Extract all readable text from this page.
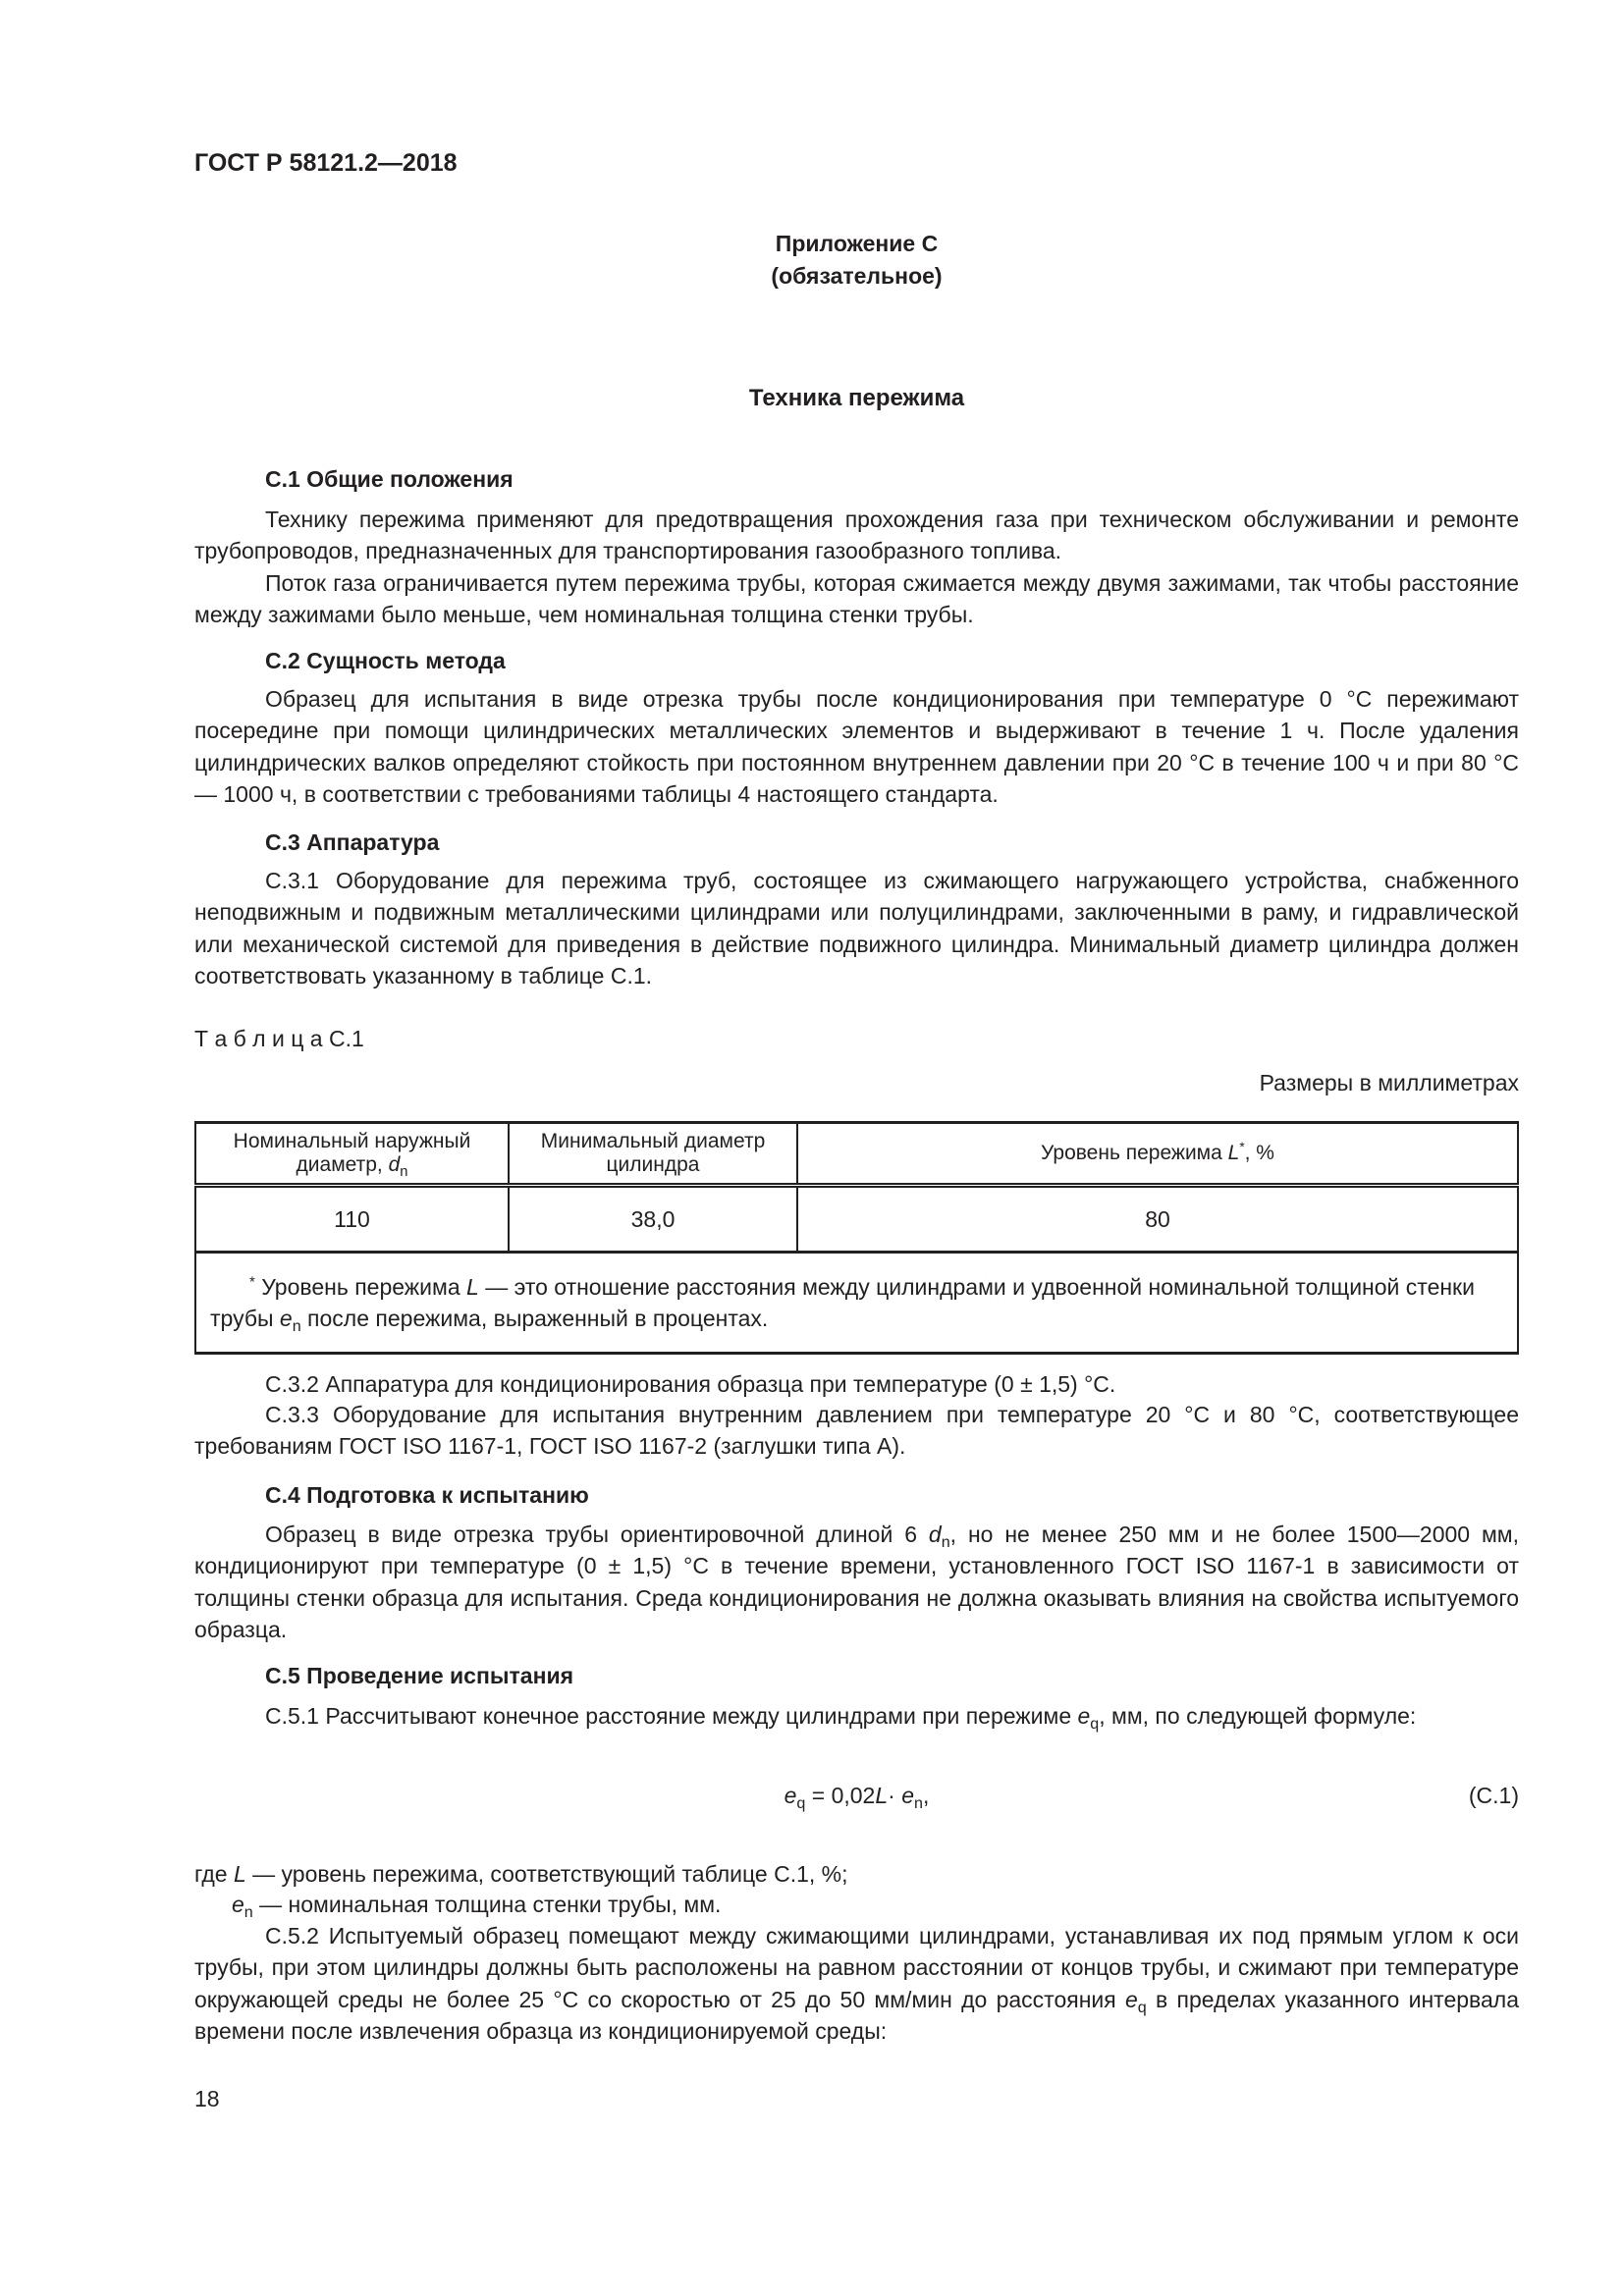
ГОСТ Р 58121.2—2018
Приложение С
(обязательное)
Техника пережима
С.1 Общие положения
Технику пережима применяют для предотвращения прохождения газа при техническом обслуживании и ремонте трубопроводов, предназначенных для транспортирования газообразного топлива.
Поток газа ограничивается путем пережима трубы, которая сжимается между двумя зажимами, так чтобы расстояние между зажимами было меньше, чем номинальная толщина стенки трубы.
С.2 Сущность метода
Образец для испытания в виде отрезка трубы после кондиционирования при температуре 0 °С пережимают посередине при помощи цилиндрических металлических элементов и выдерживают в течение 1 ч. После удаления цилиндрических валков определяют стойкость при постоянном внутреннем давлении при 20 °С в течение 100 ч и при 80 °С — 1000 ч, в соответствии с требованиями таблицы 4 настоящего стандарта.
С.3 Аппаратура
С.3.1 Оборудование для пережима труб, состоящее из сжимающего нагружающего устройства, снабженного неподвижным и подвижным металлическими цилиндрами или полуцилиндрами, заключенными в раму, и гидравлической или механической системой для приведения в действие подвижного цилиндра. Минимальный диаметр цилиндра должен соответствовать указанному в таблице С.1.
Т а б л и ц а С.1
Размеры в миллиметрах
Номинальный наружный диаметр, $d_n$	Минимальный диаметр цилиндра	Уровень пережима L*, %
110	38,0	80
* Уровень пережима L — это отношение расстояния между цилиндрами и удвоенной номинальной толщиной стенки трубы $e_n$ после пережима, выраженный в процентах.		
С.3.2 Аппаратура для кондиционирования образца при температуре (0 ± 1,5) °С.
С.3.3 Оборудование для испытания внутренним давлением при температуре 20 °С и 80 °С, соответствующее требованиям ГОСТ ISO 1167-1, ГОСТ ISO 1167-2 (заглушки типа А).
С.4 Подготовка к испытанию
Образец в виде отрезка трубы ориентировочной длиной 6 $d_n$, но не менее 250 мм и не более 1500—2000 мм, кондиционируют при температуре (0 ± 1,5) °С в течение времени, установленного ГОСТ ISO 1167-1 в зависимости от толщины стенки образца для испытания. Среда кондиционирования не должна оказывать влияния на свойства испытуемого образца.
С.5 Проведение испытания
С.5.1 Рассчитывают конечное расстояние между цилиндрами при пережиме $e_q$, мм, по следующей формуле:
$e_q = 0,02L\cdot e_n$,	(С.1)
где L — уровень пережима, соответствующий таблице С.1, %;
$e_n$ — номинальная толщина стенки трубы, мм.
С.5.2 Испытуемый образец помещают между сжимающими цилиндрами, устанавливая их под прямым углом к оси трубы, при этом цилиндры должны быть расположены на равном расстоянии от концов трубы, и сжимают при температуре окружающей среды не более 25 °С со скоростью от 25 до 50 мм/мин до расстояния $e_q$ в пределах указанного интервала времени после извлечения образца из кондиционируемой среды:
18
